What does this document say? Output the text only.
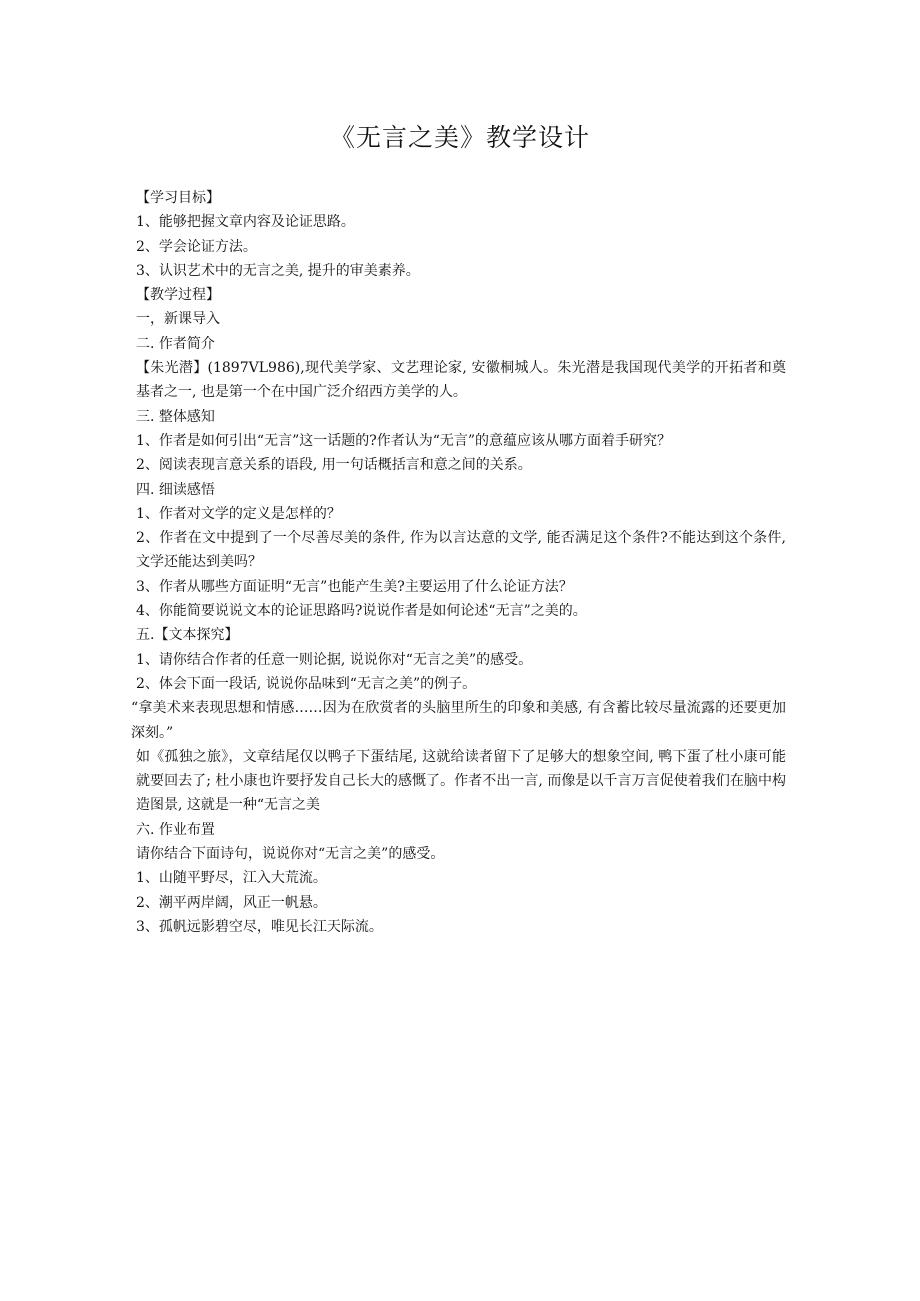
《无言之美》教学设计
【学习目标】
1、能够把握文章内容及论证思路。
2、学会论证方法。
3、认识艺术中的无言之美, 提升的审美素养。
【教学过程】
一，新课导入
二. 作者简介
【朱光潜】(1897VL986),现代美学家、文艺理论家, 安徽桐城人。朱光潜是我国现代美学的开拓者和奠基者之一, 也是第一个在中国广泛介绍西方美学的人。
三. 整体感知
1、作者是如何引出“无言”这一话题的?作者认为“无言”的意蕴应该从哪方面着手研究？
2、阅读表现言意关系的语段, 用一句话概括言和意之间的关系。
四. 细读感悟
1、作者对文学的定义是怎样的？
2、作者在文中提到了一个尽善尽美的条件, 作为以言达意的文学, 能否满足这个条件?不能达到这个条件, 文学还能达到美吗？
3、作者从哪些方面证明“无言”也能产生美?主要运用了什么论证方法？
4、你能简要说说文本的论证思路吗?说说作者是如何论述“无言”之美的。
五.【文本探究】
1、请你结合作者的任意一则论据, 说说你对“无言之美”的感受。
2、体会下面一段话, 说说你品味到“无言之美”的例子。
“拿美术来表现思想和情感……因为在欣赏者的头脑里所生的印象和美感, 有含蓄比较尽量流露的还要更加深刻。”
如《孤独之旅》，文章结尾仅以鸭子下蛋结尾, 这就给读者留下了足够大的想象空间, 鸭下蛋了杜小康可能就要回去了; 杜小康也许要抒发自己长大的感慨了。作者不出一言, 而像是以千言万言促使着我们在脑中构造图景, 这就是一种“无言之美
六. 作业布置
请你结合下面诗句，说说你对“无言之美”的感受。
1、山随平野尽，江入大荒流。
2、潮平两岸阔，风正一帆悬。
3、孤帆远影碧空尽，唯见长江天际流。
